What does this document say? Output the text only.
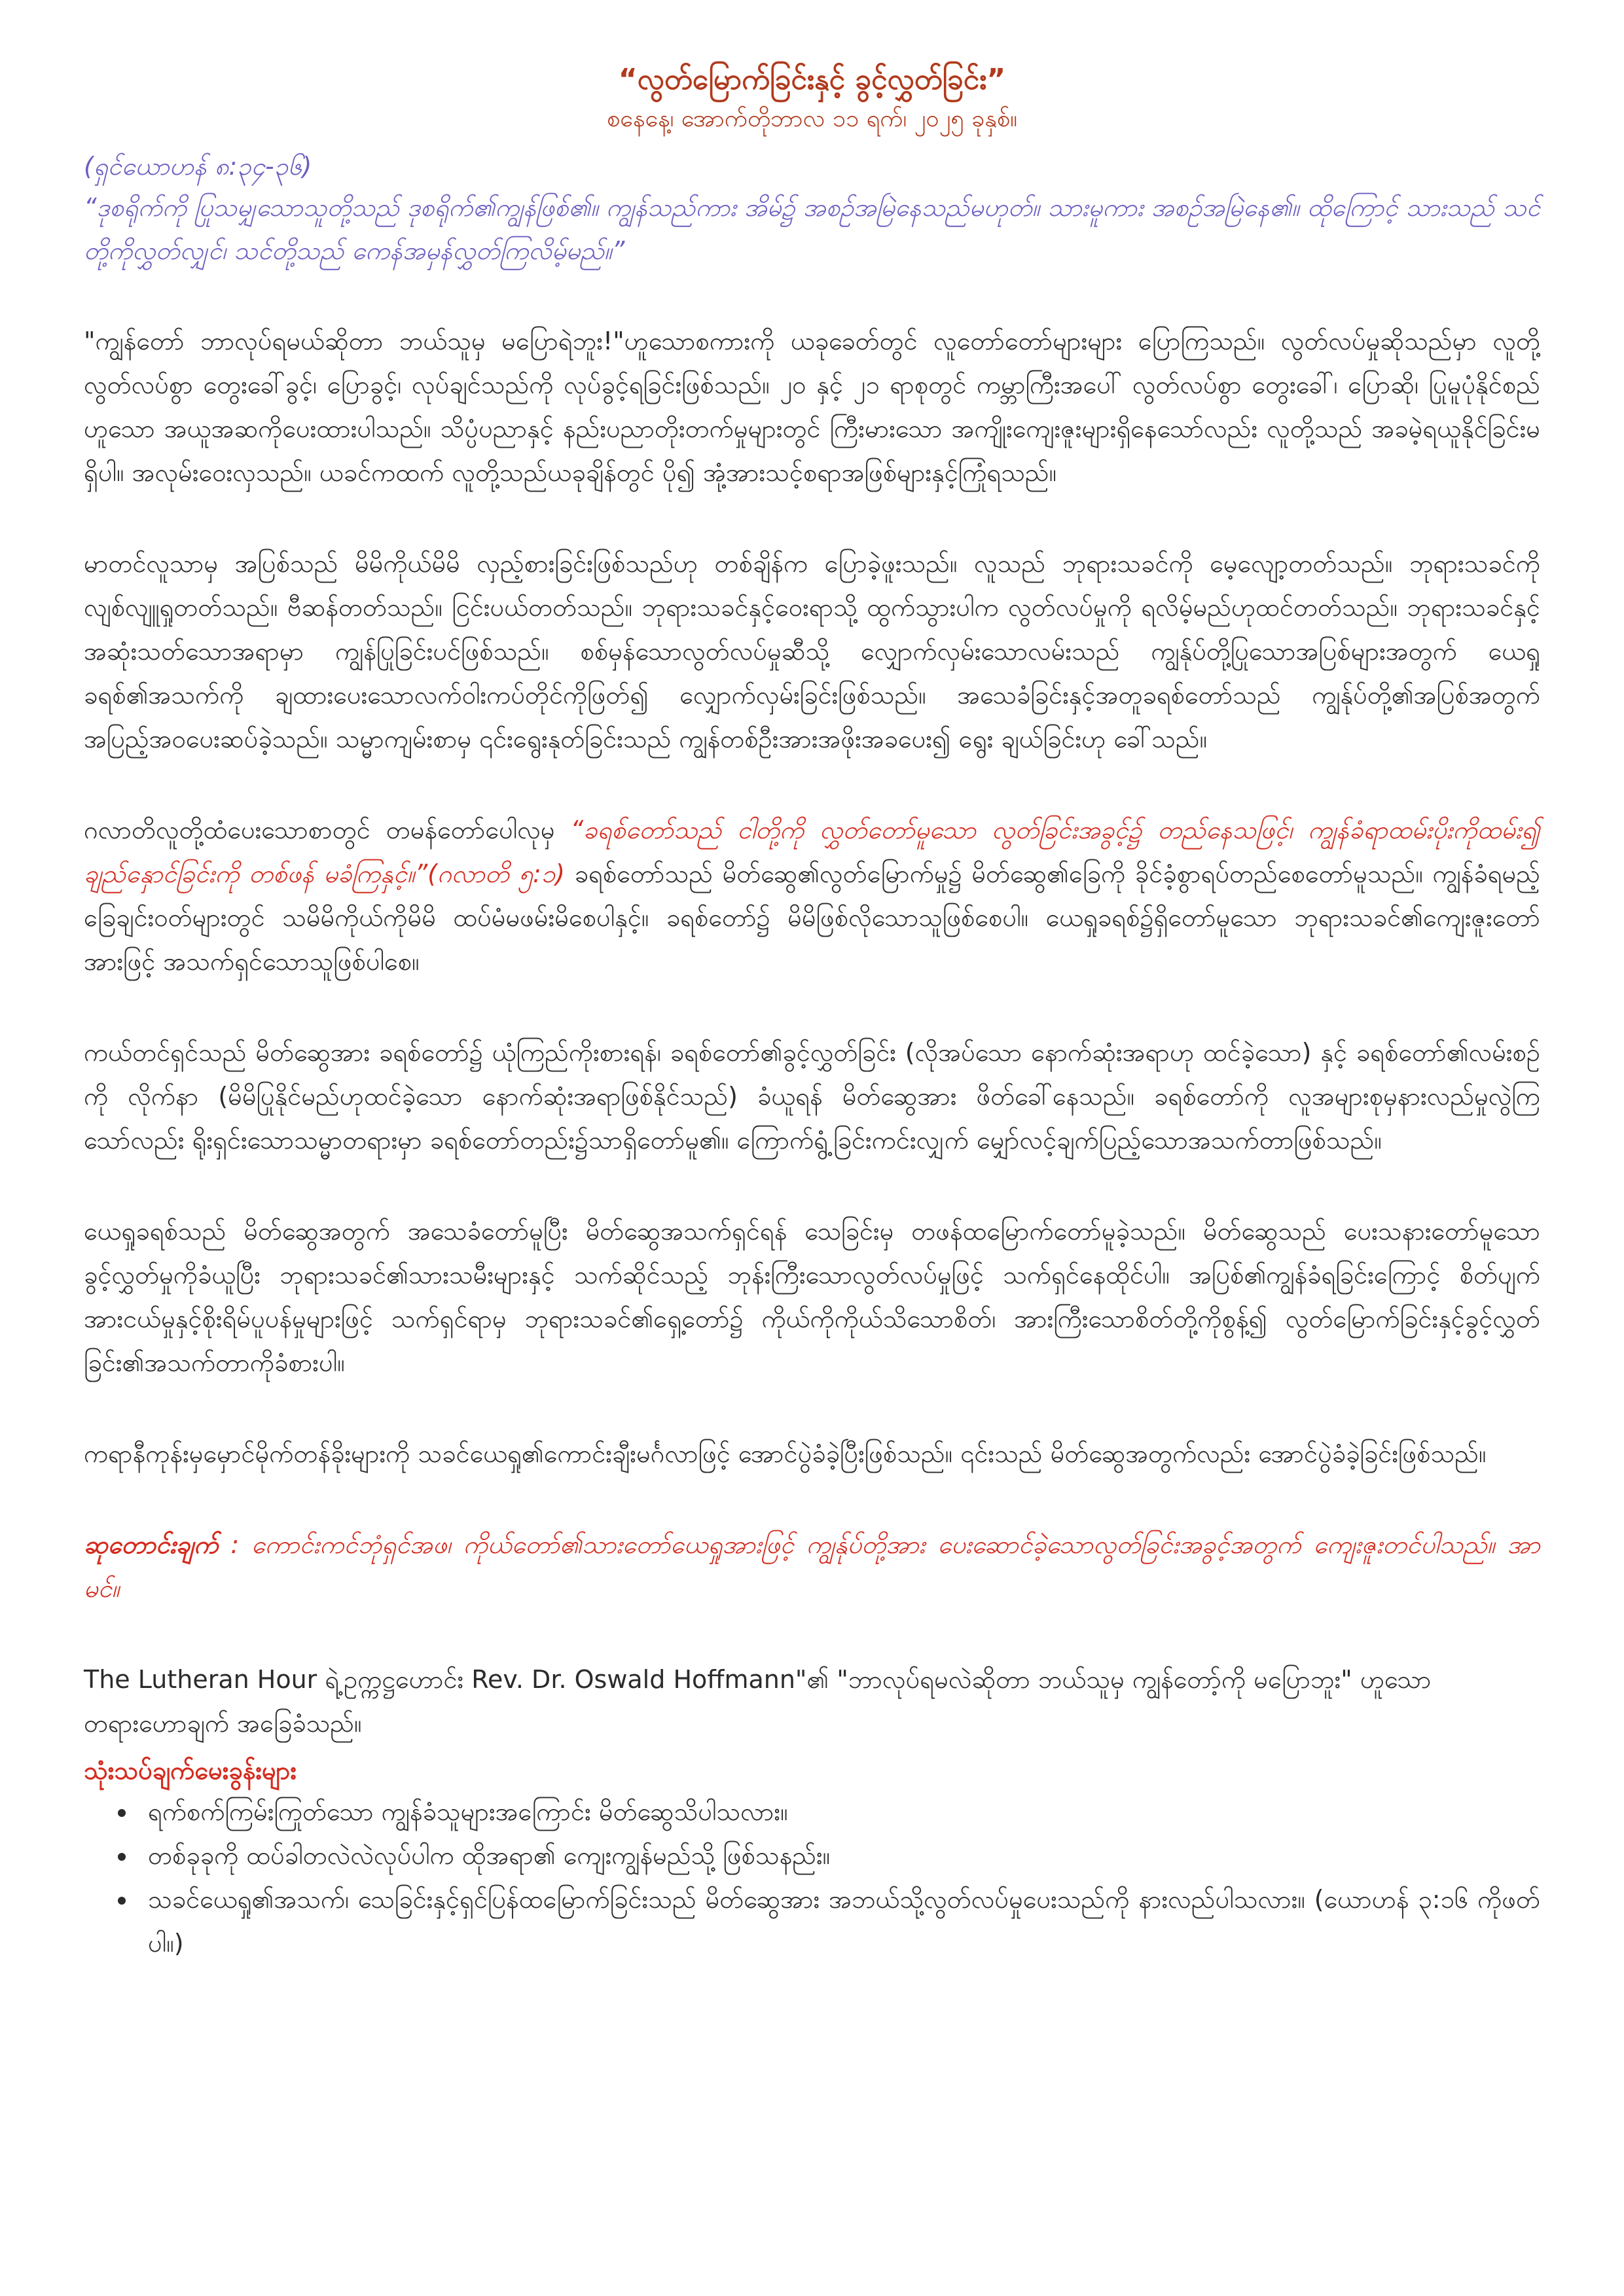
“လွတ်မြောက်ခြင်းနှင့် ခွင့်လွှတ်ခြင်း”
စနေနေ့၊ အောက်တိုဘာလ ၁၁ ရက်၊ ၂၀၂၅ ခုနှစ်။
(ရှင်ယောဟန် ၈:၃၄-၃၆)
“ဒုစရိုက်ကို ပြုသမျှသောသူတို့သည် ဒုစရိုက်၏ကျွန်ဖြစ်၏။ ကျွန်သည်ကား အိမ်၌ အစဉ်အမြဲနေသည်မဟုတ်။ သားမူကား အစဉ်အမြဲနေ၏။ ထိုကြောင့် သားသည် သင်တို့ကိုလွှတ်လျှင်၊ သင်တို့သည် ကေန်အမှန်လွှတ်ကြလိမ့်မည်။”

"ကျွန်တော် ဘာလုပ်ရမယ်ဆိုတာ ဘယ်သူမှ မပြောရဲဘူး!"ဟူသောစကားကို ယခုခေတ်တွင် လူတော်တော်များများ ပြောကြသည်။ လွတ်လပ်မှုဆိုသည်မှာ လူတို့လွတ်လပ်စွာ တွေးခေါ်ခွင့်၊ ပြောခွင့်၊ လုပ်ချင်သည်ကို လုပ်ခွင့်ရခြင်းဖြစ်သည်။ ၂၀ နှင့် ၂၁ ရာစုတွင် ကမ္ဘာကြီးအပေါ် လွတ်လပ်စွာ တွေးခေါ်၊ ပြောဆို၊ ပြုမူပုံနိုင်စည်ဟူသော အယူအဆကိုပေးထားပါသည်။ သိပ္ပံပညာနှင့် နည်းပညာတိုးတက်မှုများတွင် ကြီးမားသော အကျိုးကျေးဇူးများရှိနေသော်လည်း လူတို့သည် အခမဲ့ရယူနိုင်ခြင်းမရှိပါ။ အလုမ်းဝေးလှသည်။ ယခင်ကထက် လူတို့သည်ယခုချိန်တွင် ပို၍ အုံ့အားသင့်စရာအဖြစ်များနှင့်ကြုံရသည်။

မာတင်လူသာမှ အပြစ်သည် မိမိကိုယ်မိမိ လှည့်စားခြင်းဖြစ်သည်ဟု တစ်ချိန်က ပြောခဲ့ဖူးသည်။ လူသည် ဘုရားသခင်ကို မေ့လျော့တတ်သည်။ ဘုရားသခင်ကိုလျစ်လျူရှုတတ်သည်။ ဗီဆန်တတ်သည်။ ငြင်းပယ်တတ်သည်။ ဘုရားသခင်နှင့်ဝေးရာသို့ ထွက်သွားပါက လွတ်လပ်မှုကို ရလိမ့်မည်ဟုထင်တတ်သည်။ ဘုရားသခင်နှင့်အဆုံးသတ်သောအရာမှာ ကျွန်ပြုခြင်းပင်ဖြစ်သည်။ စစ်မှန်သောလွတ်လပ်မှုဆီသို့ လျှောက်လှမ်းသောလမ်းသည် ကျွန်ုပ်တို့ပြုသောအပြစ်များအတွက် ယေရှုခရစ်၏အသက်ကို ချထားပေးသောလက်ဝါးကပ်တိုင်ကိုဖြတ်၍ လျှောက်လှမ်းခြင်းဖြစ်သည်။ အသေခံခြင်းနှင့်အတူခရစ်တော်သည် ကျွန်ုပ်တို့၏အပြစ်အတွက် အပြည့်အဝပေးဆပ်ခဲ့သည်။ သမ္မာကျမ်းစာမှ ၎င်းရွေးနုတ်ခြင်းသည် ကျွန်တစ်ဦးအားအဖိုးအခပေး၍ ရွေး ချယ်ခြင်းဟု ခေါ်သည်။

ဂလာတိလူတို့ထံပေးသောစာတွင် တမန်တော်ပေါလုမှ “ခရစ်တော်သည် ငါတို့ကို လွှတ်တော်မူသော လွတ်ခြင်းအခွင့်၌ တည်နေသဖြင့်၊ ကျွန်ခံရာထမ်းပိုးကိုထမ်း၍ ချည်နှောင်ခြင်းကို တစ်ဖန် မခံကြနှင့်။”(ဂလာတိ ၅:၁) ခရစ်တော်သည် မိတ်ဆွေ၏လွတ်မြောက်မှု၌ မိတ်ဆွေ၏ခြေကို ခိုင်ခံ့စွာရပ်တည်စေတော်မူသည်။ ကျွန်ခံရမည့်ခြေချင်းဝတ်များတွင် သမိမိကိုယ်ကိုမိမိ ထပ်မံမဖမ်းမိစေပါနှင့်။ ခရစ်တော်၌ မိမိဖြစ်လိုသောသူဖြစ်စေပါ။ ယေရှုခရစ်၌ရှိတော်မူသော ဘုရားသခင်၏ကျေးဇူးတော်အားဖြင့် အသက်ရှင်သောသူဖြစ်ပါစေ။

ကယ်တင်ရှင်သည် မိတ်ဆွေအား ခရစ်တော်၌ ယုံကြည်ကိုးစားရန်၊ ခရစ်တော်၏ခွင့်လွှတ်ခြင်း (လိုအပ်သော နောက်ဆုံးအရာဟု ထင်ခဲ့သော) နှင့် ခရစ်တော်၏လမ်းစဉ်ကို လိုက်နာ (မိမိပြုနိုင်မည်ဟုထင်ခဲ့သော နောက်ဆုံးအရာဖြစ်နိုင်သည်) ခံယူရန် မိတ်ဆွေအား ဖိတ်ခေါ်နေသည်။ ခရစ်တော်ကို လူအများစုမှနားလည်မှုလွဲကြသော်လည်း ရိုးရှင်းသောသမ္မာတရားမှာ ခရစ်တော်တည်း၌သာရှိတော်မူ၏။ ကြောက်ရွံ့ခြင်းကင်းလျှက် မျှော်လင့်ချက်ပြည့်သောအသက်တာဖြစ်သည်။

ယေရှုခရစ်သည် မိတ်ဆွေအတွက် အသေခံတော်မူပြီး မိတ်ဆွေအသက်ရှင်ရန် သေခြင်းမှ တဖန်ထမြောက်တော်မူခဲ့သည်။ မိတ်ဆွေသည် ပေးသနားတော်မူသော ခွင့်လွှတ်မှုကိုခံယူပြီး ဘုရားသခင်၏သားသမီးများနှင့် သက်ဆိုင်သည့် ဘုန်းကြီးသောလွတ်လပ်မှုဖြင့် သက်ရှင်နေထိုင်ပါ။ အပြစ်၏ကျွန်ခံရခြင်းကြောင့် စိတ်ပျက်အားငယ်မှုနှင့်စိုးရိမ်ပူပန်မှုများဖြင့် သက်ရှင်ရာမှ ဘုရားသခင်၏ရှေ့တော်၌ ကိုယ်ကိုကိုယ်သိသောစိတ်၊ အားကြီးသောစိတ်တို့ကိုစွန့်၍ လွတ်မြောက်ခြင်းနှင့်ခွင့်လွှတ်ခြင်း၏အသက်တာကိုခံစားပါ။

ကရာနီကုန်းမှမှောင်မိုက်တန်ခိုးများကို သခင်ယေရှု၏ကောင်းချီးမင်္ဂလာဖြင့် အောင်ပွဲခံခဲ့ပြီးဖြစ်သည်။ ၎င်းသည် မိတ်ဆွေအတွက်လည်း အောင်ပွဲခံခဲ့ခြင်းဖြစ်သည်။

ဆုတောင်းချက် : ကောင်းကင်ဘုံရှင်အဖ၊ ကိုယ်တော်၏သားတော်ယေရှုအားဖြင့် ကျွန်ုပ်တို့အား ပေးဆောင်ခဲ့သောလွတ်ခြင်းအခွင့်အတွက် ကျေးဇူးတင်ပါသည်။ အာမင်။

The Lutheran Hour ရဲ့ဥက္ကဋ္ဌဟောင်း Rev. Dr. Oswald Hoffmann"၏ "ဘာလုပ်ရမလဲဆိုတာ ဘယ်သူမှ ကျွန်တော့်ကို မပြောဘူး" ဟူသော တရားဟောချက် အခြေခံသည်။

သုံးသပ်ချက်မေးခွန်းများ
• ရက်စက်ကြမ်းကြုတ်သော ကျွန်ခံသူများအကြောင်း မိတ်ဆွေသိပါသလား။
• တစ်ခုခုကို ထပ်ခါတလဲလဲလုပ်ပါက ထိုအရာ၏ ကျေးကျွန်မည်သို့ ဖြစ်သနည်း။
• သခင်ယေရှု၏အသက်၊ သေခြင်းနှင့်ရှင်ပြန်ထမြောက်ခြင်းသည် မိတ်ဆွေအား အဘယ်သို့လွတ်လပ်မှုပေးသည်ကို နားလည်ပါသလား။ (ယောဟန် ၃:၁၆ ကိုဖတ်ပါ။)
